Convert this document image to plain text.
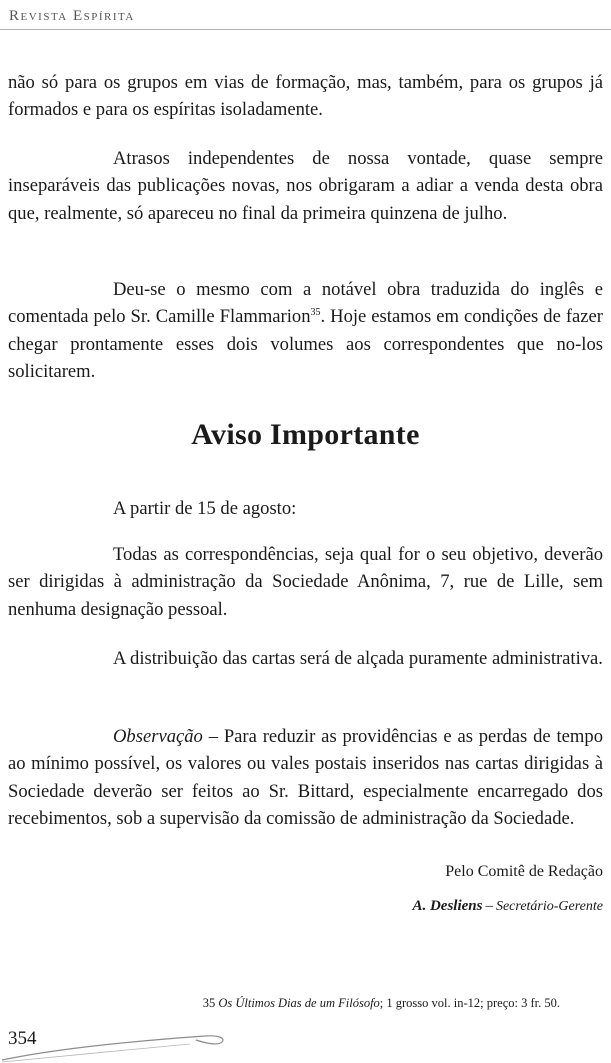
Revista Espírita

não só para os grupos em vias de formação, mas, também, para os grupos já formados e para os espíritas isoladamente.

Atrasos independentes de nossa vontade, quase sempre inseparáveis das publicações novas, nos obrigaram a adiar a venda desta obra que, realmente, só apareceu no final da primeira quinzena de julho.

Deu-se o mesmo com a notável obra traduzida do inglês e comentada pelo Sr. Camille Flammarion$^{35}$. Hoje estamos em condições de fazer chegar prontamente esses dois volumes aos correspondentes que no-los solicitarem.

Aviso Importante

A partir de 15 de agosto:

Todas as correspondências, seja qual for o seu objetivo, deverão ser dirigidas à administração da Sociedade Anônima, 7, rue de Lille, sem nenhuma designação pessoal.

A distribuição das cartas será de alçada puramente administrativa.

Observação – Para reduzir as providências e as perdas de tempo ao mínimo possível, os valores ou vales postais inseridos nas cartas dirigidas à Sociedade deverão ser feitos ao Sr. Bittard, especialmente encarregado dos recebimentos, sob a supervisão da comissão de administração da Sociedade.

Pelo Comitê de Redação
A. Desliens – Secretário-Gerente
35 Os Últimos Dias de um Filósofo; 1 grosso vol. in-12; preço: 3 fr. 50.
354
